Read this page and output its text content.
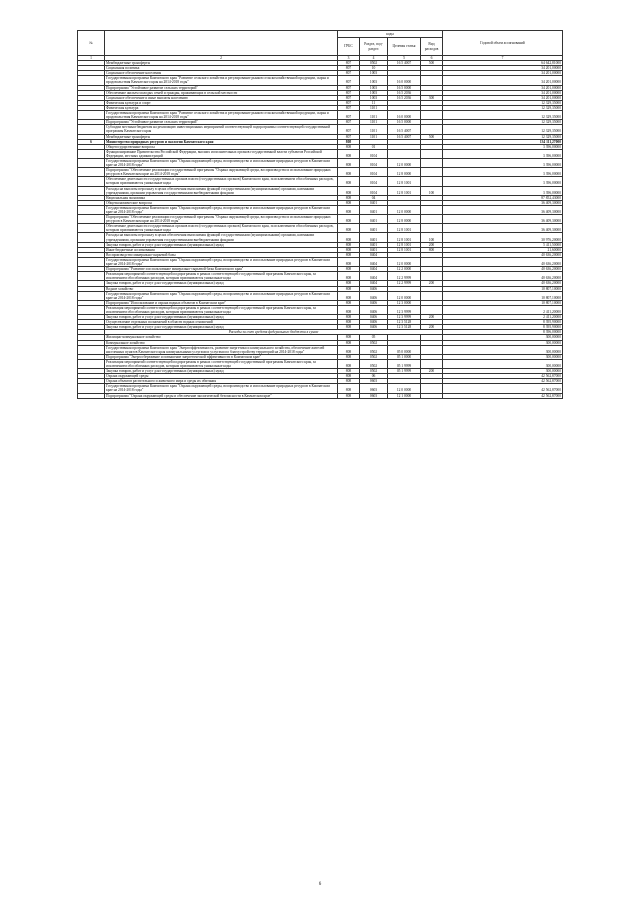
№		коды				Годовой объем ассигнований
		ГРБС	Раздел, под-раздел	Целевая статья	Вид расходов	
1	2	3	4	5	6	7
	Межбюджетные трансферты	807	0502	16 5 4007	500	64 642,81000
	Социальная политика	807	10			34 201,00000
	Социальное обеспечение населения	807	1003			34 201,00000
	Государственная программа Камчатского края "Развитие сельского хозяйства и регулирование рынков сельскохозяйственной продукции, сырья и продовольствия Камчатского края на 2014-2018 годы"	807	1003	16 0 0000		34 201,00000
	Подпрограмма "Устойчивое развитие сельских территорий"	807	1003	16 5 0000		34 201,00000
	Обеспечение жильем молодых семей и граждан, проживающих в сельской местности	807	1003	16 5 2036		34 201,00000
	Социальное обеспечение и иные выплаты населению	807	1003	16 5 2036	300	34 201,00000
	Физическая культура и спорт	807	11			12 329,35000
	Физическая культура	807	1101			12 329,35000
	Государственная программа Камчатского края "Развитие сельского хозяйства и регулирование рынков сельскохозяйственной продукции, сырья и продовольствия Камчатского края на 2014-2018 годы"	807	1101	16 0 0000		12 329,35000
	Подпрограмма "Устойчивое развитие сельских территорий"	807	1101	16 5 0000		12 329,35000
	Субсидии местным бюджетам на реализацию инвестиционных мероприятий соответствующей подпрограммы соответствующей государственной программы Камчатского края	807	1101	16 5 4007		12 329,35000
	Межбюджетные трансферты	807	1101	16 5 4007	500	12 329,35000
6	Министерство природных ресурсов и экологии Камчатского края	808				134 111,27000
	Общегосударственные вопросы	808	01			3 396,00000
	Функционирование Правительства Российской Федерации, высших исполнительных органов государственной власти субъектов Российской Федерации, местных администраций	808	0104			3 396,00000
	Государственная программа Камчатского края "Охрана окружающей среды, воспроизводство и использование природных ресурсов в Камчатском крае на 2014-2018 годы"	808	0104	12 0 0000		3 396,00000
	Подпрограмма "Обеспечение реализации государственной программы "Охрана окружающей среды, воспроизводство и использование природных ресурсов в Камчатском крае на 2014-2018 годы"	808	0104	12 8 0000		3 396,00000
	Обеспечение деятельности государственных органов власти (государственных органов) Камчатского края, за исключением обособленных расходов, которым присваиваются уникальные коды	808	0104	12 8 1001		3 396,00000
	Расходы на выплаты персоналу в целях обеспечения выполнения функций государственными (муниципальными) органами, казенными учреждениями, органами управления государственными внебюджетными фондами	808	0104	12 8 1001	100	3 396,00000
	Национальная экономика	808	04			87 852,43000
	Общеэкономические вопросы	808	0401			36 409,30000
	Государственная программа Камчатского края "Охрана окружающей среды, воспроизводство и использование природных ресурсов в Камчатском крае на 2014-2018 годы"	808	0401	12 0 0000		36 409,30000
	Подпрограмма "Обеспечение реализации государственной программы "Охрана окружающей среды, воспроизводство и использование природных ресурсов в Камчатском крае на 2014-2018 годы"	808	0401	12 8 0000		36 409,30000
	Обеспечение деятельности государственных органов власти (государственных органов) Камчатского края, за исключением обособленных расходов, которым присваиваются уникальные коды	808	0401	12 8 1001		36 409,30000
	Расходы на выплаты персоналу в целях обеспечения выполнения функций государственными (муниципальными) органами, казенными учреждениями, органами управления государственными внебюджетными фондами	808	0401	12 8 1001	100	30 976,20000
	Закупка товаров, работ и услуг для государственных (муниципальных) нужд	808	0401	12 8 1001	200	5 411,50000
	Иные бюджетные ассигнования	808	0401	12 8 1001	800	21,60000
	Воспроизводство минерально-сырьевой базы	808	0404			40 636,20000
	Государственная программа Камчатского края "Охрана окружающей среды, воспроизводство и использование природных ресурсов в Камчатском крае на 2014-2018 годы"	808	0404	12 0 0000		40 636,20000
	Подпрограмма "Развитие и использование минерально-сырьевой базы Камчатского края"	808	0404	12 2 0000		40 636,20000
	Реализация мероприятий соответствующей подпрограммы в рамках соответствующей государственной программы Камчатского края, за исключением обособленных расходов, которым присваиваются уникальные коды	808	0404	12 2 9999		40 636,20000
	Закупка товаров, работ и услуг для государственных (муниципальных) нужд	808	0404	12 2 9999	200	40 636,20000
	Водное хозяйство	808	0406			10 807,10000
	Государственная программа Камчатского края "Охрана окружающей среды, воспроизводство и использование природных ресурсов в Камчатском крае на 2014-2018 годы"	808	0406	12 0 0000		10 807,10000
	Подпрограмма "Использование и охрана водных объектов в Камчатском крае"	808	0406	12 3 0000		10 807,10000
	Реализация мероприятий соответствующей подпрограммы в рамках соответствующей государственной программы Камчатского края, за исключением обособленных расходов, которым присваиваются уникальные коды	808	0406	12 3 9999		2 411,20000
	Закупка товаров, работ и услуг для государственных (муниципальных) нужд	808	0406	12 3 9999	200	2 411,20000
	Осуществление отдельных полномочий в области водных отношений	808	0406	12 3 5128		8 395,90000
	Закупка товаров, работ и услуг для государственных (муниципальных) нужд	808	0406	12 3 5128	200	8 395,90000
	Расходы за счет средств федерального бюджета в сумме					8 396,00000
	Жилищно-коммунальное хозяйство	808	05			300,00000
	Коммунальное хозяйство	808	0502			300,00000
	Государственная программа Камчатского края "Энергоэффективность, развитие энергетики и коммунального хозяйства, обеспечение жителей населенных пунктов Камчатского края коммунальными услугами и услугами по благоустройству территорий на 2014-2018 годы"	808	0502	05 0 0000		300,00000
	Подпрограмма "Энергосбережение и повышение энергетической эффективности в Камчатском крае"	808	0502	05 1 0000		300,00000
	Реализация мероприятий соответствующей подпрограммы в рамках соответствующей государственной программы Камчатского края, за исключением обособленных расходов, которым присваиваются уникальные коды	808	0502	05 1 9999		300,00000
	Закупка товаров, работ и услуг для государственных (муниципальных) нужд	808	0502	05 1 9999	200	300,00000
	Охрана окружающей среды	808	06			42 562,87000
	Охрана объектов растительного и животного мира и среды их обитания	808	0603			42 562,87000
	Государственная программа Камчатского края "Охрана окружающей среды, воспроизводство и использование природных ресурсов в Камчатском крае на 2014-2018 годы"	808	0603	12 0 0000		42 562,87000
	Подпрограмма "Охрана окружающей среды и обеспечение экологической безопасности в Камчатском крае"	808	0603	12 1 0000		42 562,87000
6
